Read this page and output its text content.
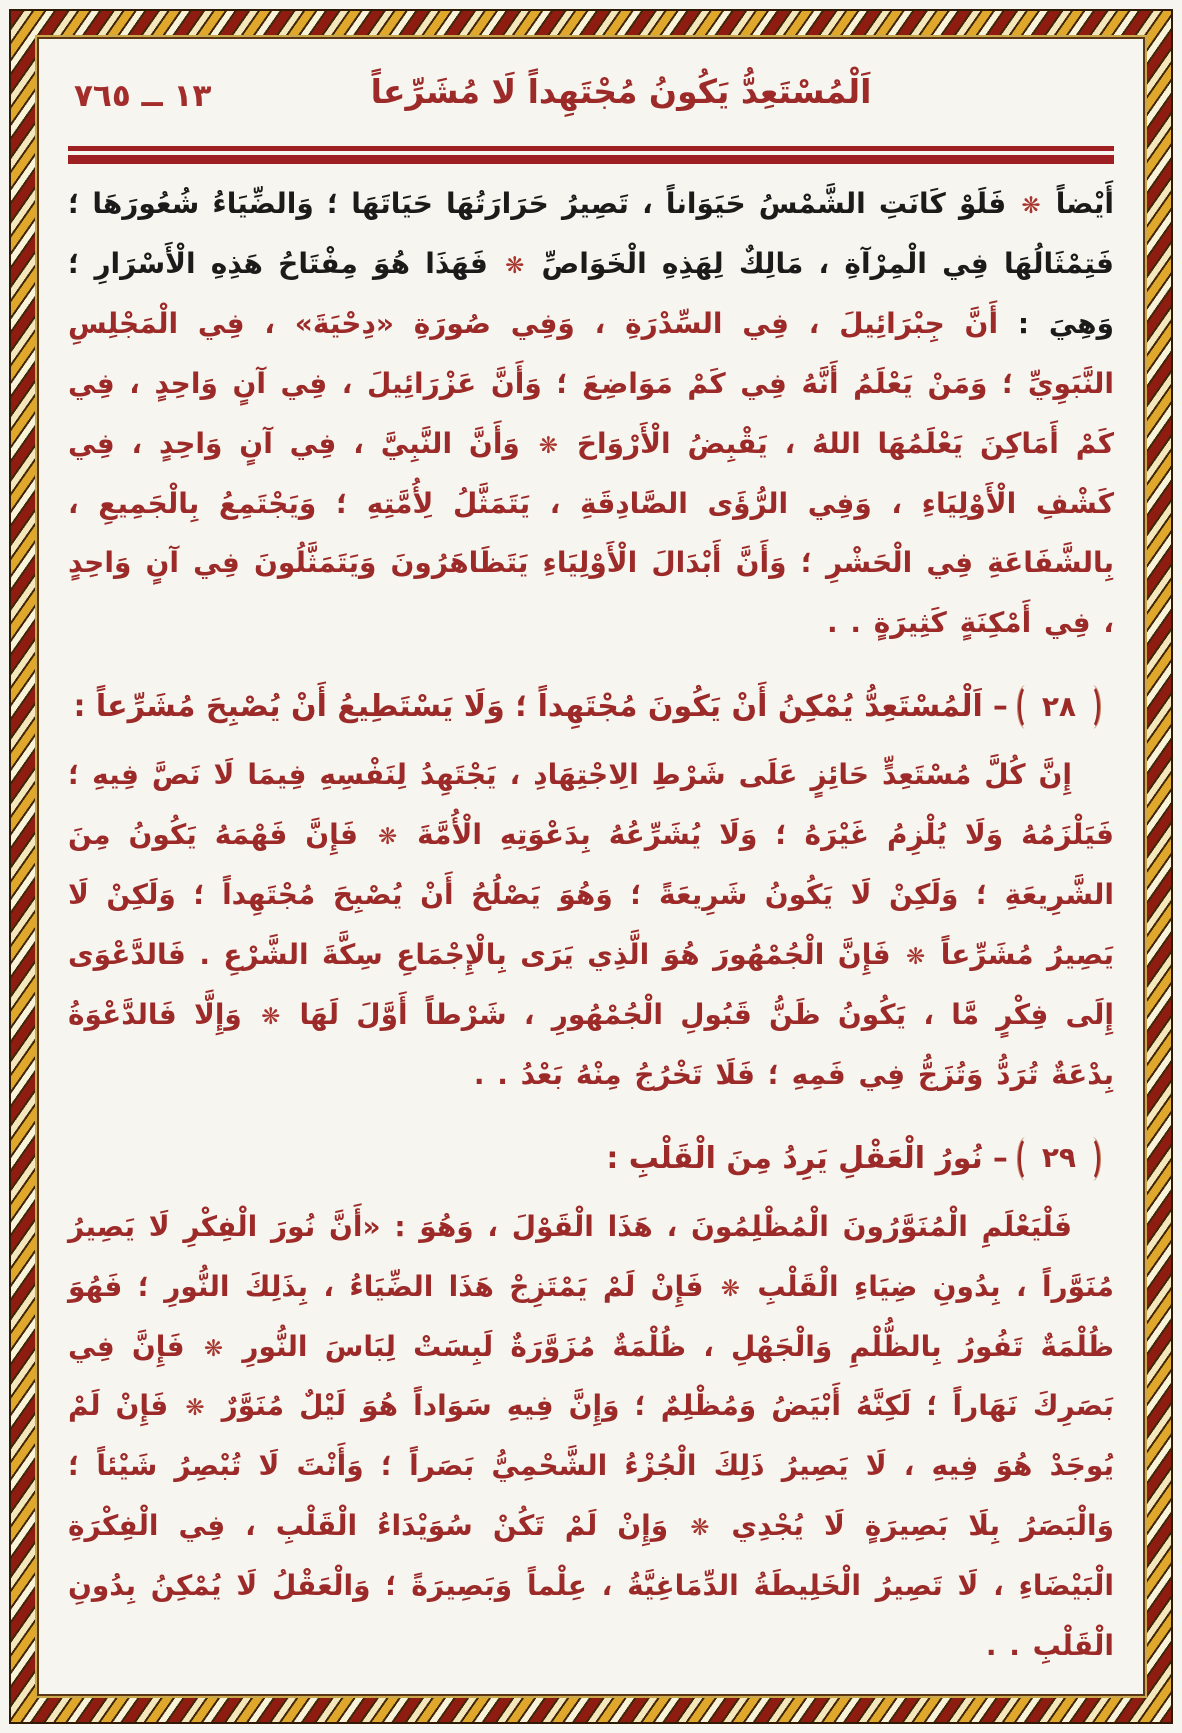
١٣ ــ ٧٦٥	اَلْمُسْتَعِدُّ يَكُونُ مُجْتَهِداً لَا مُشَرِّعاً

أَيْضاً ❋ فَلَوْ كَانَتِ الشَّمْسُ حَيَوَاناً ، تَصِيرُ حَرَارَتُهَا حَيَاتَهَا ؛ وَالضِّيَاءُ شُعُورَهَا ؛ فَتِمْثَالُهَا فِي الْمِرْآةِ ، مَالِكٌ لِهَذِهِ الْخَوَاصِّ ❋ فَهَذَا هُوَ مِفْتَاحُ هَذِهِ الْأَسْرَارِ ؛ وَهِيَ : أَنَّ جِبْرَائِيلَ ، فِي السِّدْرَةِ ، وَفِي صُورَةِ «دِحْيَةَ» ، فِي الْمَجْلِسِ النَّبَوِيِّ ؛ وَمَنْ يَعْلَمُ أَنَّهُ فِي كَمْ مَوَاضِعَ ؛ وَأَنَّ عَزْرَائِيلَ ، فِي آنٍ وَاحِدٍ ، فِي كَمْ أَمَاكِنَ يَعْلَمُهَا اللهُ ، يَقْبِضُ الْأَرْوَاحَ ❋ وَأَنَّ النَّبِيَّ ، فِي آنٍ وَاحِدٍ ، فِي كَشْفِ الْأَوْلِيَاءِ ، وَفِي الرُّؤَى الصَّادِقَةِ ، يَتَمَثَّلُ لِأُمَّتِهِ ؛ وَيَجْتَمِعُ بِالْجَمِيعِ ، بِالشَّفَاعَةِ فِي الْحَشْرِ ؛ وَأَنَّ أَبْدَالَ الْأَوْلِيَاءِ يَتَظَاهَرُونَ وَيَتَمَثَّلُونَ فِي آنٍ وَاحِدٍ ، فِي أَمْكِنَةٍ كَثِيرَةٍ . .

٢٨
–
اَلْمُسْتَعِدُّ يُمْكِنُ أَنْ يَكُونَ مُجْتَهِداً ؛ وَلَا يَسْتَطِيعُ أَنْ يُصْبِحَ مُشَرِّعاً :

إِنَّ كُلَّ مُسْتَعِدٍّ حَائِزٍ عَلَى شَرْطِ الِاجْتِهَادِ ، يَجْتَهِدُ لِنَفْسِهِ فِيمَا لَا نَصَّ فِيهِ ؛ فَيَلْزَمُهُ وَلَا يُلْزِمُ غَيْرَهُ ؛ وَلَا يُشَرِّعُهُ بِدَعْوَتِهِ الْأُمَّةَ ❋ فَإِنَّ فَهْمَهُ يَكُونُ مِنَ الشَّرِيعَةِ ؛ وَلَكِنْ لَا يَكُونُ شَرِيعَةً ؛ وَهُوَ يَصْلُحُ أَنْ يُصْبِحَ مُجْتَهِداً ؛ وَلَكِنْ لَا يَصِيرُ مُشَرِّعاً ❋ فَإِنَّ الْجُمْهُورَ هُوَ الَّذِي يَرَى بِالْإِجْمَاعِ سِكَّةَ الشَّرْعِ . فَالدَّعْوَى إِلَى فِكْرٍ مَّا ، يَكُونُ ظَنُّ قَبُولِ الْجُمْهُورِ ، شَرْطاً أَوَّلَ لَهَا ❋ وَإِلَّا فَالدَّعْوَةُ بِدْعَةٌ تُرَدُّ وَتُزَجُّ فِي فَمِهِ ؛ فَلَا تَخْرُجُ مِنْهُ بَعْدُ . .

٢٩
–
نُورُ الْعَقْلِ يَرِدُ مِنَ الْقَلْبِ :

فَلْيَعْلَمِ الْمُنَوَّرُونَ الْمُظْلِمُونَ ، هَذَا الْقَوْلَ ، وَهُوَ : «أَنَّ نُورَ الْفِكْرِ لَا يَصِيرُ مُنَوَّراً ، بِدُونِ ضِيَاءِ الْقَلْبِ ❋ فَإِنْ لَمْ يَمْتَزِجْ هَذَا الضِّيَاءُ ، بِذَلِكَ النُّورِ ؛ فَهُوَ ظُلْمَةٌ تَفُورُ بِالظُّلْمِ وَالْجَهْلِ ، ظُلْمَةٌ مُزَوَّرَةٌ لَبِسَتْ لِبَاسَ النُّورِ ❋ فَإِنَّ فِي بَصَرِكَ نَهَاراً ؛ لَكِنَّهُ أَبْيَضُ وَمُظْلِمٌ ؛ وَإِنَّ فِيهِ سَوَاداً هُوَ لَيْلٌ مُنَوَّرٌ ❋ فَإِنْ لَمْ يُوجَدْ هُوَ فِيهِ ، لَا يَصِيرُ ذَلِكَ الْجُزْءُ الشَّحْمِيُّ بَصَراً ؛ وَأَنْتَ لَا تُبْصِرُ شَيْئاً ؛ وَالْبَصَرُ بِلَا بَصِيرَةٍ لَا يُجْدِي ❋ وَإِنْ لَمْ تَكُنْ سُوَيْدَاءُ الْقَلْبِ ، فِي الْفِكْرَةِ الْبَيْضَاءِ ، لَا تَصِيرُ الْخَلِيطَةُ الدِّمَاغِيَّةُ ، عِلْماً وَبَصِيرَةً ؛ وَالْعَقْلُ لَا يُمْكِنُ بِدُونِ الْقَلْبِ . .
